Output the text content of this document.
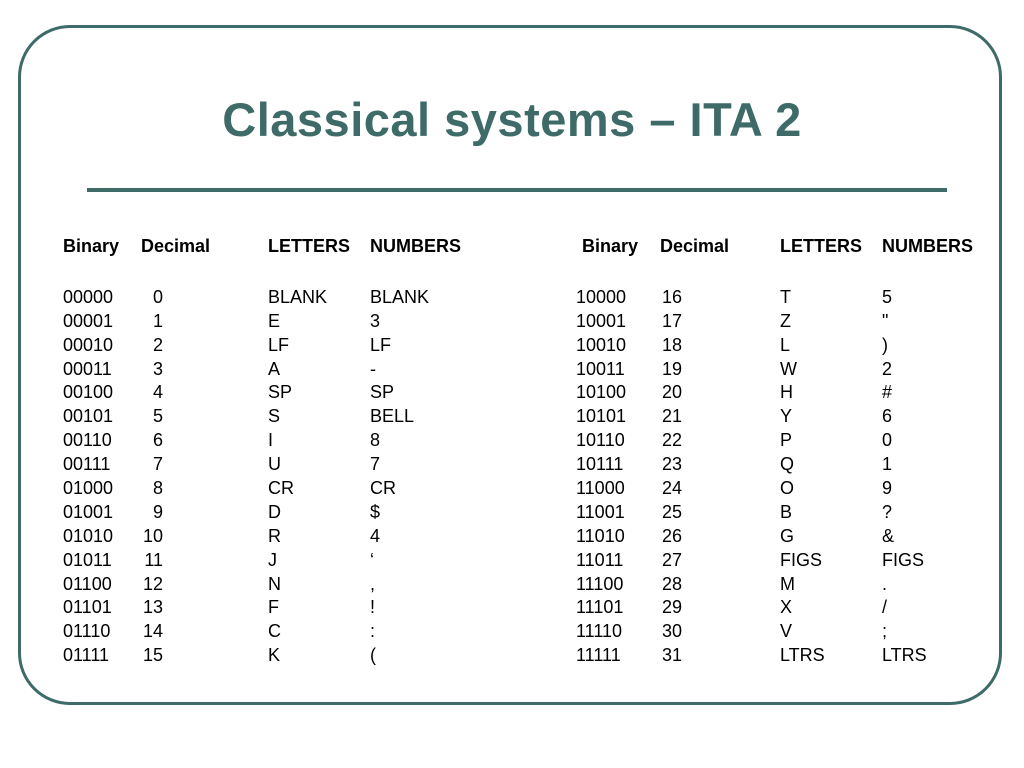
Classical systems – ITA 2
Binary Decimal	LETTERS NUMBERS
00000	0	BLANK BLANK
00001	1	E	3
00010	2	LF	LF
00011	3	A	-
00100	4	SP	SP
00101	5	S	BELL
00110	6	I	8
00111	7	U	7
01000	8	CR	CR
01001	9	D	$
01010	10	R	4
01011	11	J	‘
01100	12	N	,
01101	13	F	!
01110	14	C	:
01111	15	K	(
Binary Decimal	LETTERS NUMBERS
10000	16	T	5
10001	17	Z	"
10010	18	L	)
10011	19	W	2
10100	20	H	#
10101	21	Y	6
10110	22	P	0
10111	23	Q	1
11000	24	O	9
11001	25	B	?
11010	26	G	&
11011	27	FIGS	FIGS
11100	28	M	.
11101	29	X	/
11110	30	V	;
11111	31	LTRS	LTRS
